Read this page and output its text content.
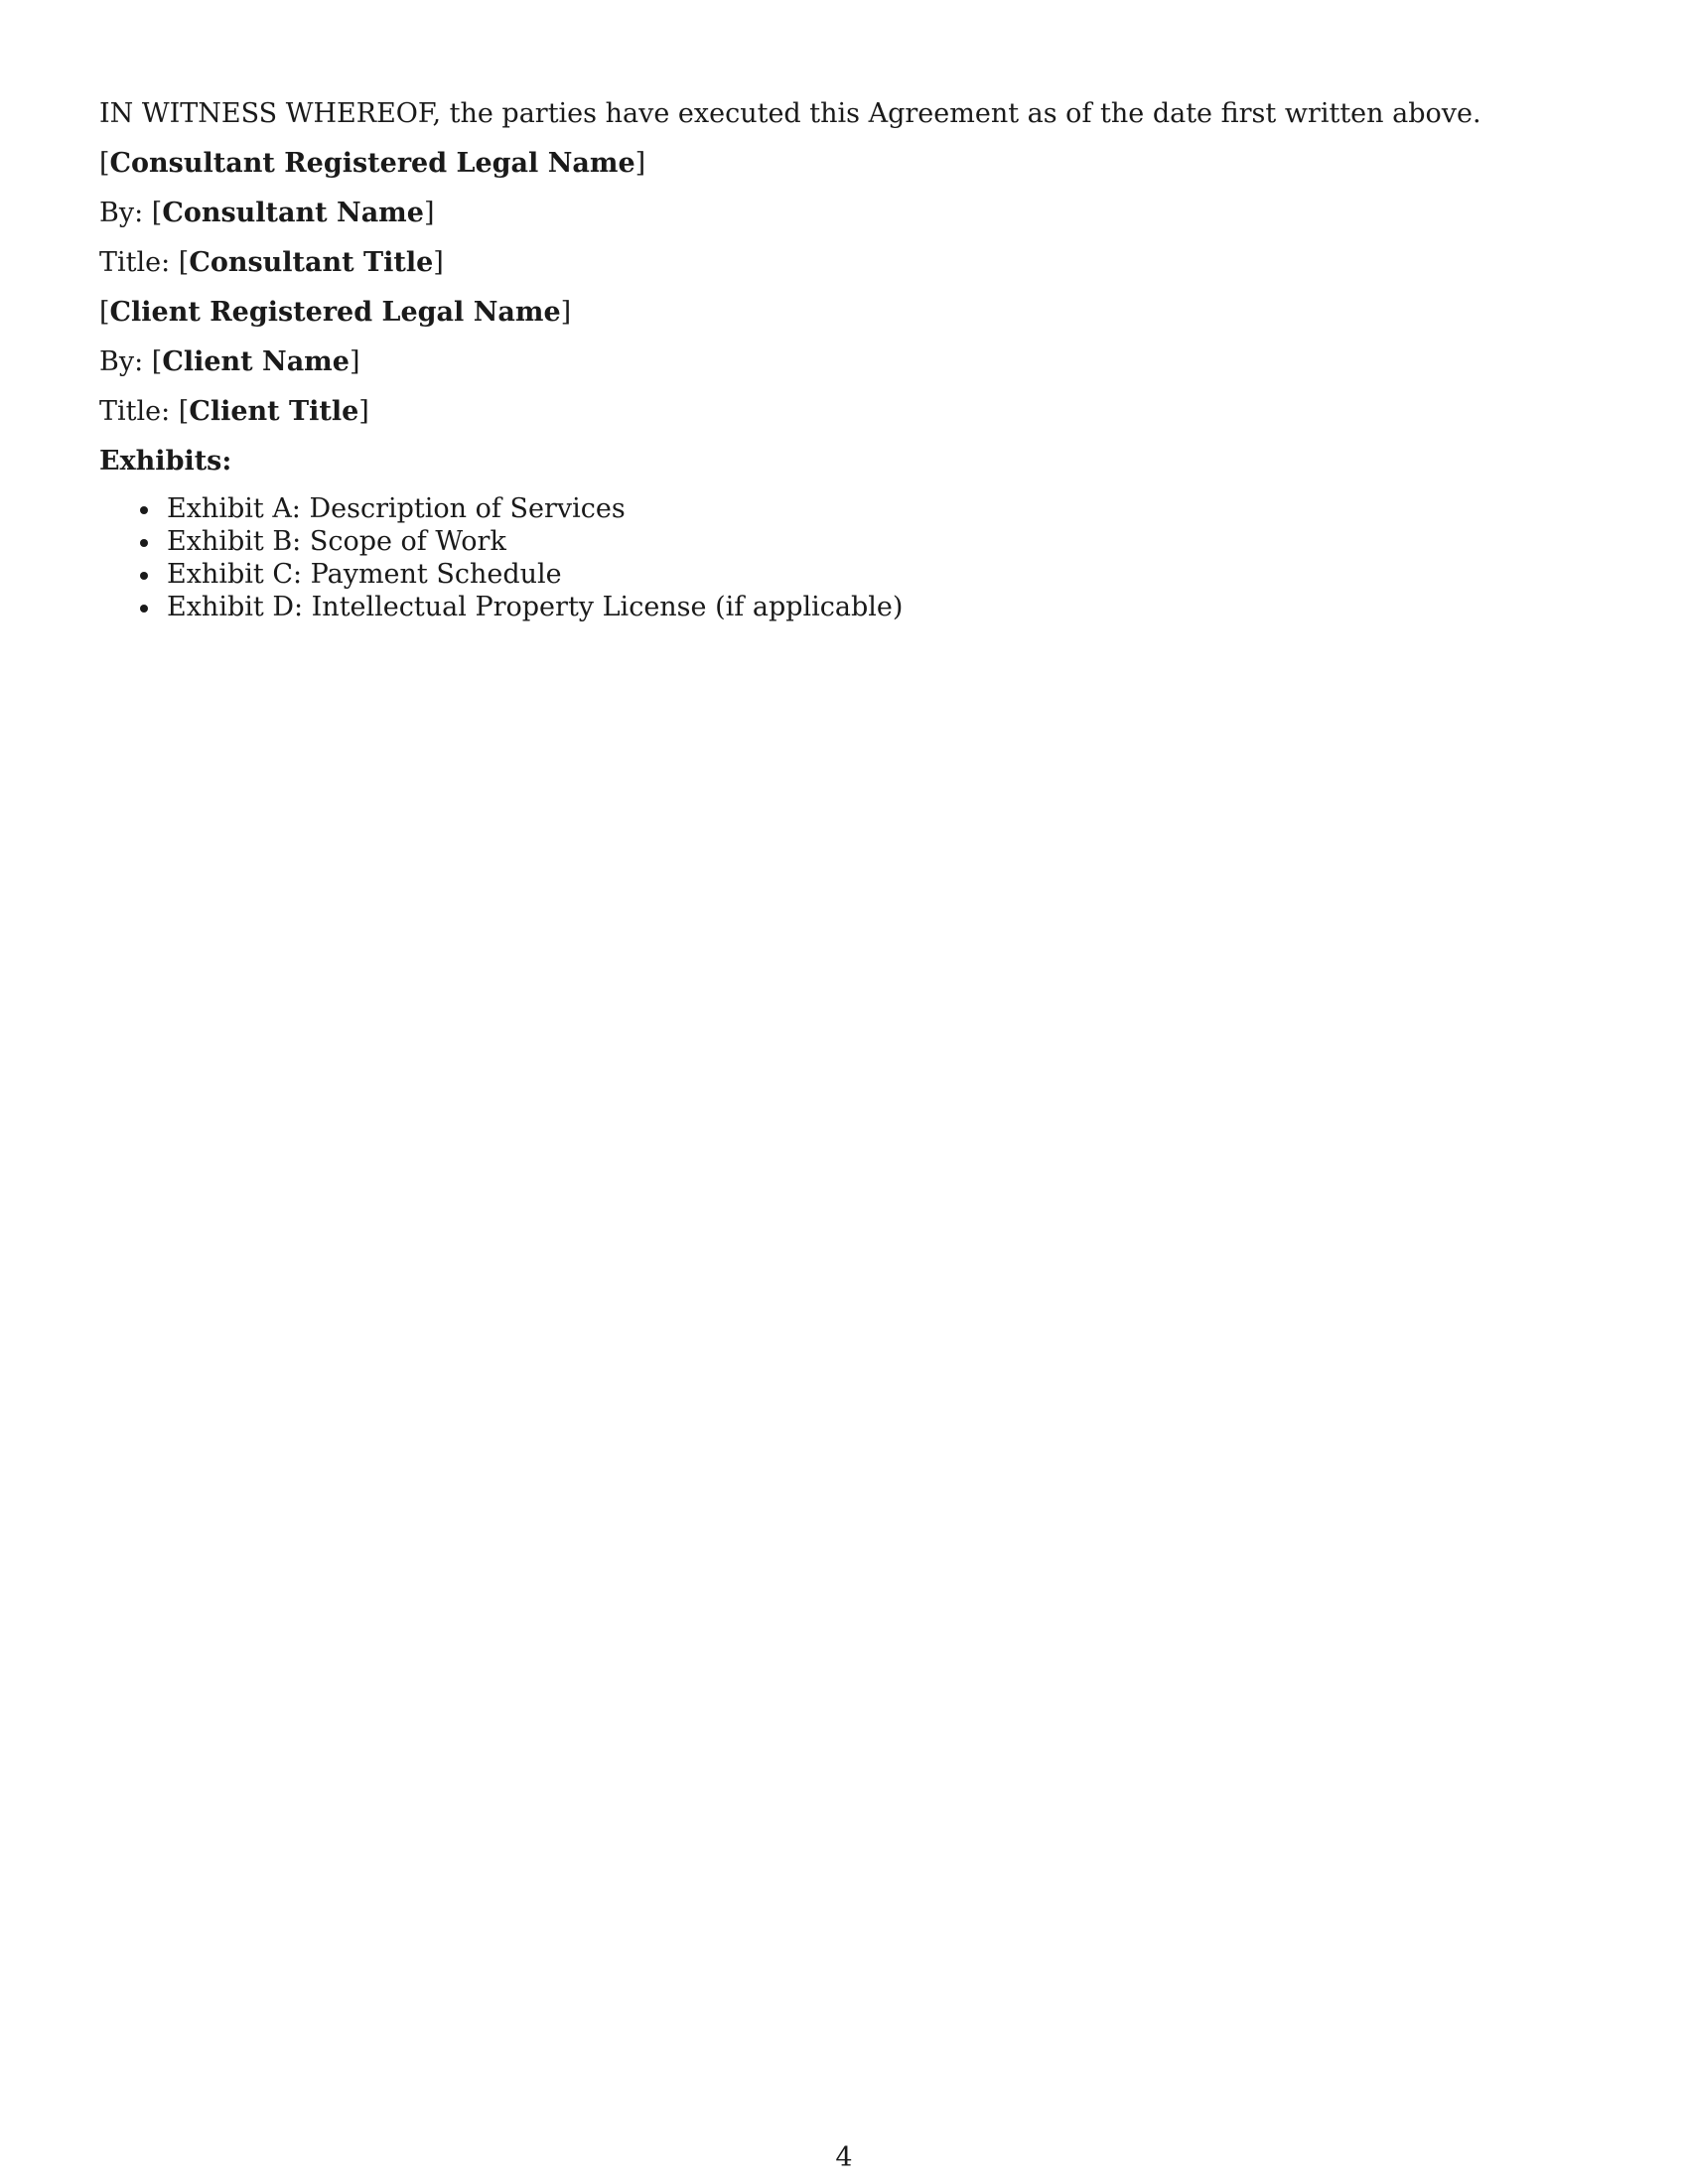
IN WITNESS WHEREOF, the parties have executed this Agreement as of the date first written above.

[Consultant Registered Legal Name]

By: [Consultant Name]

Title: [Consultant Title]

[Client Registered Legal Name]

By: [Client Name]

Title: [Client Title]

Exhibits:

Exhibit A: Description of Services
Exhibit B: Scope of Work
Exhibit C: Payment Schedule
Exhibit D: Intellectual Property License (if applicable)
4
